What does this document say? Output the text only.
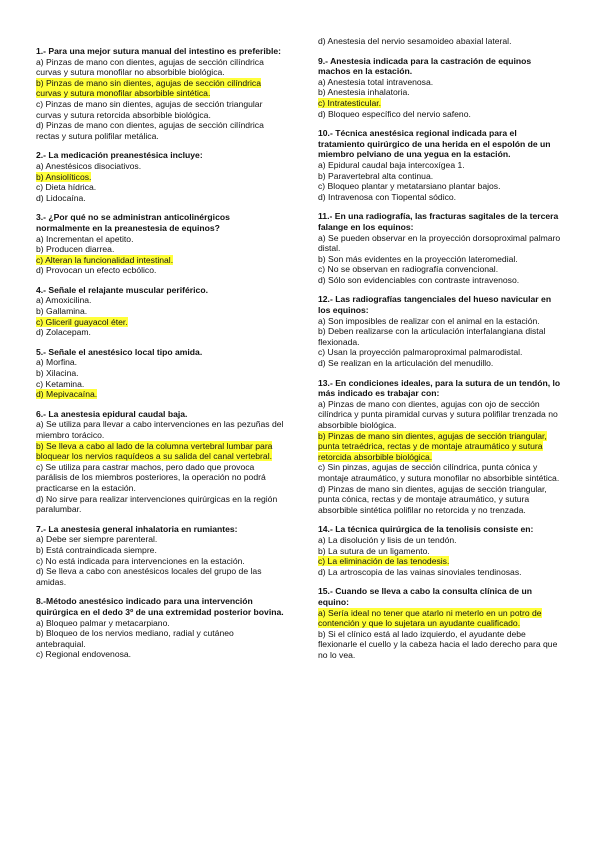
1.- Para una mejor sutura manual del intestino es preferible:

a) Pinzas de mano con dientes, agujas de sección cilíndrica curvas y sutura monofilar no absorbible biológica.

b) Pinzas de mano sin dientes, agujas de sección cilíndrica curvas y sutura monofilar absorbible sintética.

c) Pinzas de mano sin dientes, agujas de sección triangular curvas y sutura retorcida absorbible biológica.

d) Pinzas de mano con dientes, agujas de sección cilíndrica rectas y sutura polifilar metálica.

2.- La medicación preanestésica incluye:

a) Anestésicos disociativos.

b) Ansiolíticos.

c) Dieta hídrica.

d) Lidocaína.

3.- ¿Por qué no se administran anticolinérgicos normalmente en la preanestesia de equinos?

a) Incrementan el apetito.

b) Producen diarrea.

c) Alteran la funcionalidad intestinal.

d) Provocan un efecto ecbólico.

4.- Señale el relajante muscular periférico.

a) Amoxicilina.

b) Gallamina.

c) Gliceril guayacol éter.

d) Zolacepam.

5.- Señale el anestésico local tipo amida.

a) Morfina.

b) Xilacina.

c) Ketamina.

d) Mepivacaína.

6.- La anestesia epidural caudal baja.

a) Se utiliza para llevar a cabo intervenciones en las pezuñas del miembro torácico.

b) Se lleva a cabo al lado de la columna vertebral lumbar para bloquear los nervios raquídeos a su salida del canal vertebral.

c) Se utiliza para castrar machos, pero dado que provoca parálisis de los miembros posteriores, la operación no podrá practicarse en la estación.

d) No sirve para realizar intervenciones quirúrgicas en la región paralumbar.

7.- La anestesia general inhalatoria en rumiantes:

a) Debe ser siempre parenteral.

b) Está contraindicada siempre.

c) No está indicada para intervenciones en la estación.

d) Se lleva a cabo con anestésicos locales del grupo de las amidas.

8.-Método anestésico indicado para una intervención quirúrgica en el dedo 3º de una extremidad posterior bovina.

a) Bloqueo palmar y metacarpiano.

b) Bloqueo de los nervios mediano, radial y cutáneo antebraquial.

c) Regional endovenosa.

d) Anestesia del nervio sesamoideo abaxial lateral.

9.- Anestesia indicada para la castración de equinos machos en la estación.

a) Anestesia total intravenosa.

b) Anestesia inhalatoria.

c) Intratesticular.

d) Bloqueo específico del nervio safeno.

10.- Técnica anestésica regional indicada para el tratamiento quirúrgico de una herida en el espolón de un miembro pelviano de una yegua en la estación.

a) Epidural caudal baja intercoxígea 1.

b) Paravertebral alta continua.

c) Bloqueo plantar y metatarsiano plantar bajos.

d) Intravenosa con Tiopental sódico.

11.- En una radiografía, las fracturas sagitales de la tercera falange en los equinos:

a) Se pueden observar en la proyección dorsoproximal palmaro distal.

b) Son más evidentes en la proyección lateromedial.

c) No se observan en radiografía convencional.

d) Sólo son evidenciables con contraste intravenoso.

12.- Las radiografías tangenciales del hueso navicular en los equinos:

a) Son imposibles de realizar con el animal en la estación.

b) Deben realizarse con la articulación interfalangiana distal flexionada.

c) Usan la proyección palmaroproximal palmarodistal.

d) Se realizan en la articulación del menudillo.

13.- En condiciones ideales, para la sutura de un tendón, lo más indicado es trabajar con:

a) Pinzas de mano con dientes, agujas con ojo de sección cilíndrica y punta piramidal curvas y sutura polifilar trenzada no absorbible biológica.

b) Pinzas de mano sin dientes, agujas de sección triangular, punta tetraédrica, rectas y de montaje atraumático y sutura retorcida absorbible biológica.

c) Sin pinzas, agujas de sección cilíndrica, punta cónica y montaje atraumático, y sutura monofilar no absorbible sintética.

d) Pinzas de mano sin dientes, agujas de sección triangular, punta cónica, rectas y de montaje atraumático, y sutura absorbible sintética polifilar no retorcida y no trenzada.

14.- La técnica quirúrgica de la tenolisis consiste en:

a) La disolución y lisis de un tendón.

b) La sutura de un ligamento.

c) La eliminación de las tenodesis.

d) La artroscopia de las vainas sinoviales tendinosas.

15.- Cuando se lleva a cabo la consulta clínica de un equino:

a) Sería ideal no tener que atarlo ni meterlo en un potro de contención y que lo sujetara un ayudante cualificado.

b) Si el clínico está al lado izquierdo, el ayudante debe flexionarle el cuello y la cabeza hacia el lado derecho para que no lo vea.
